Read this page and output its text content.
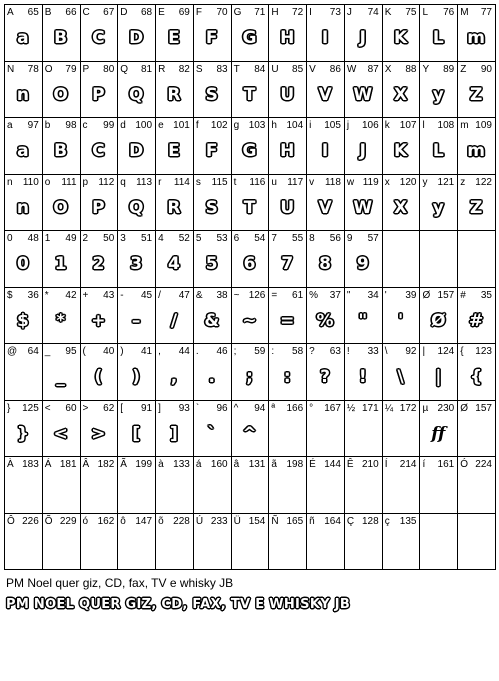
A 65
a
B 66
B
C 67
C
D 68
D
E 69
E
F 70
F
G 71
G
H 72
H
I 73
I
J 74
J
K 75
K
L 76
L
M 77
m
N 78
n
O 79
O
P 80
P
Q 81
Q
R 82
R
S 83
S
T 84
T
U 85
U
V 86
V
W 87
W
X 88
X
Y 89
y
Z 90
Z
a 97
a
b 98
B
c 99
C
d 100
D
e 101
E
f 102
F
g 103
G
h 104
H
i 105
I
j 106
J
k 107
K
l 108
L
m 109
m
n 110
n
o 111
O
p 112
P
q 113
Q
r 114
R
s 115
S
t 116
T
u 117
U
v 118
V
w 119
W
x 120
X
y 121
y
z 122
Z
0 48
0
1 49
1
2 50
2
3 51
3
4 52
4
5 53
5
6 54
6
7 55
7
8 56
8
9 57
9
$ 36
$
* 42
*
+ 43
+
- 45
–
/ 47
/
& 38
&
~ 126
~
= 61
=
% 37
%
" 34
"
' 39
'
Ø 157
Ø
# 35
#
@ 64 _ 95
_
( 40
(
) 41
)
, 44
,
. 46
.
; 59
;
: 58
:
? 63
?
! 33
!
\ 92
\
| 124
|
{ 123
{
} 125
}
< 60
<
> 62
>
[ 91
[
] 93
]
` 96
`
^ 94
^
ª 166 ° 167 ½ 171 ¼ 172 µ 230
ff
Ø 157
À 183 Á 181 Â 182 Ã 199 à 133 á 160 â 131 ã 198 É 144 Ê 210 Í 214 í 161 Ó 224
Ô 226 Õ 229 ó 162 ô 147 õ 228 Ú 233 Ü 154 Ñ 165 ñ 164 Ç 128 ç 135
PM Noel quer giz, CD, fax, TV e whisky JB
PM NOEL QUER GIZ, CD, FAX, TV E WHISKY JB
